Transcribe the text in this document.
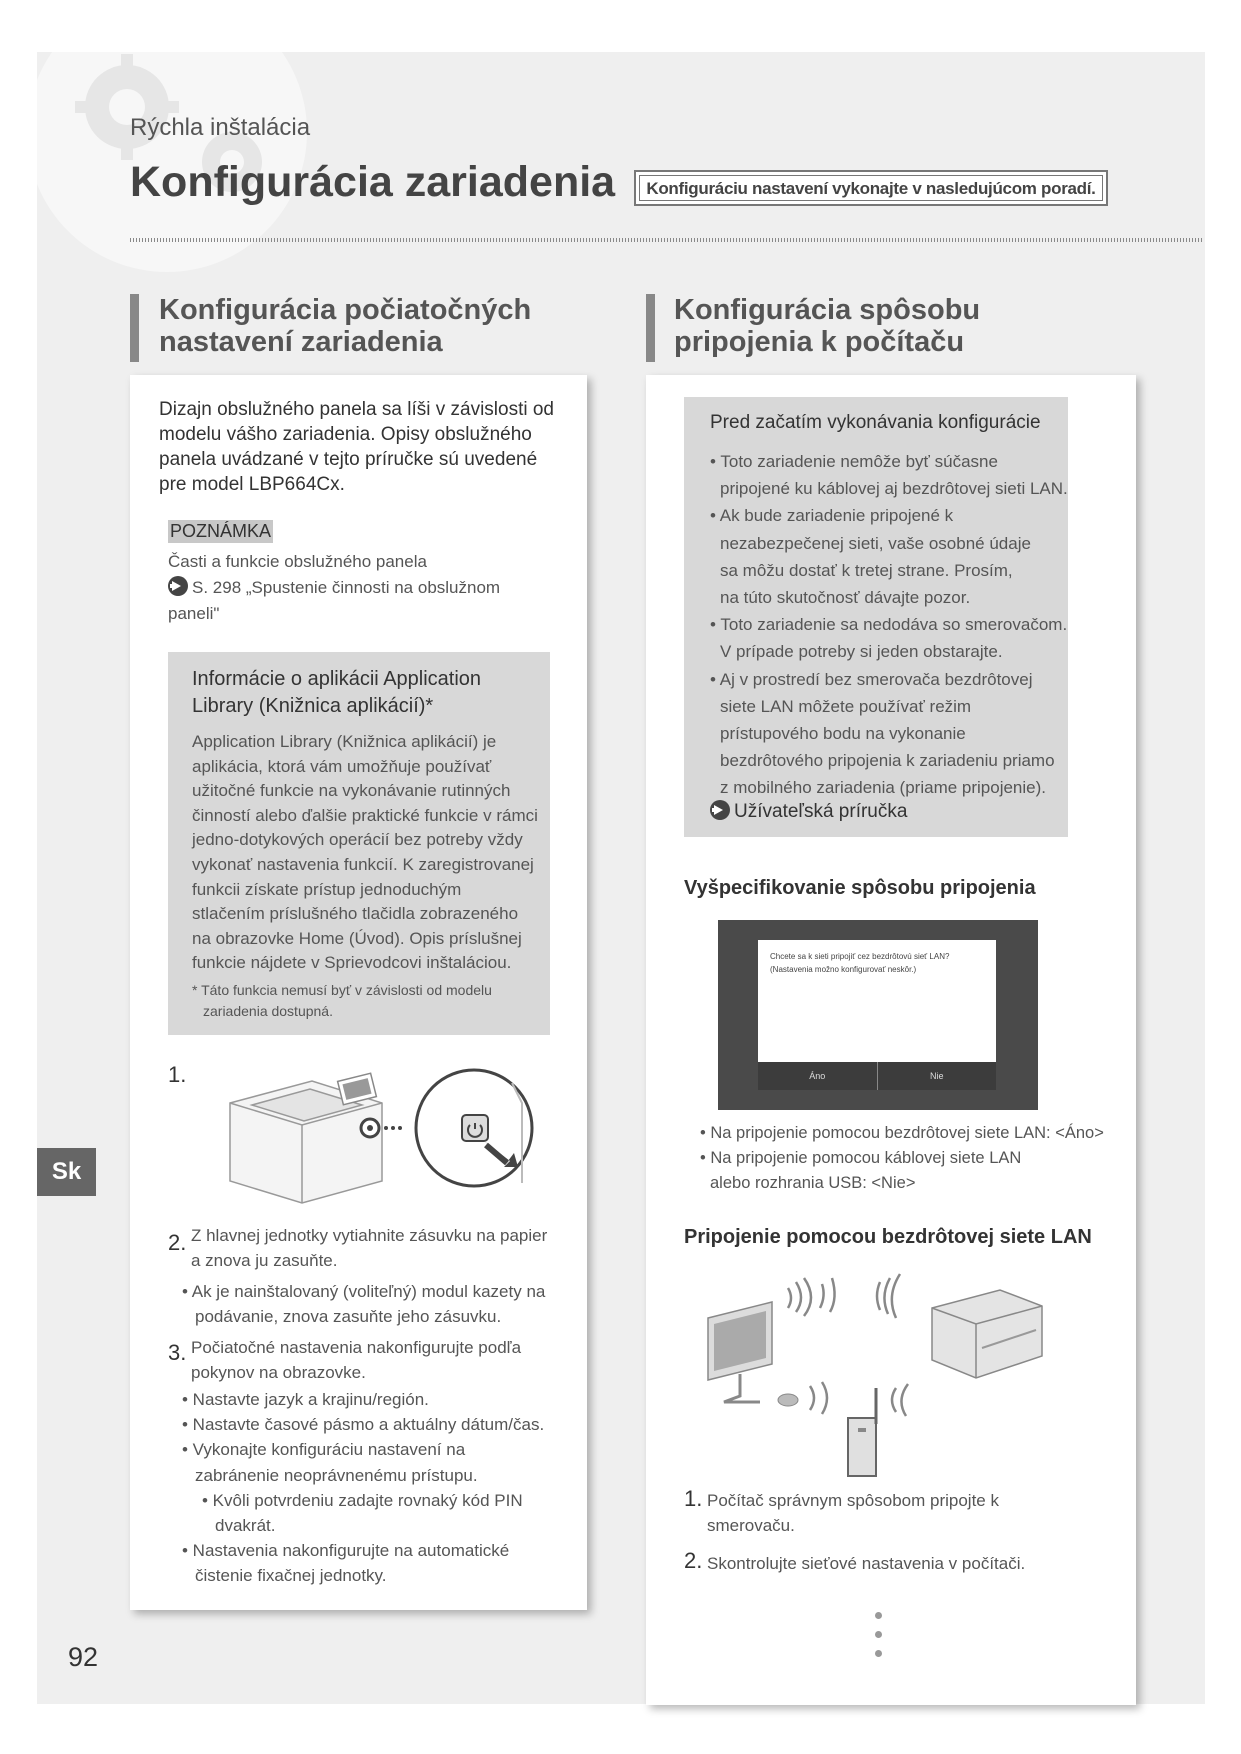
Rýchla inštalácia
Konfigurácia zariadenia	Konfiguráciu nastavení vykonajte v nasledujúcom poradí.
Konfigurácia počiatočných
nastavení zariadenia
Dizajn obslužného panela sa líši v závislosti od
modelu vášho zariadenia. Opisy obslužného
panela uvádzané v tejto príručke sú uvedené
pre model LBP664Cx.
POZNÁMKA
Časti a funkcie obslužného panela
S. 298 „Spustenie činnosti na obslužnom
paneli"
Informácie o aplikácii Application
Library (Knižnica aplikácií)*
Application Library (Knižnica aplikácií) je
aplikácia, ktorá vám umožňuje používať
užitočné funkcie na vykonávanie rutinných
činností alebo ďalšie praktické funkcie v rámci
jedno-dotykových operácií bez potreby vždy
vykonať nastavenia funkcií. K zaregistrovanej
funkcii získate prístup jednoduchým
stlačením príslušného tlačidla zobrazeného
na obrazovke Home (Úvod). Opis príslušnej
funkcie nájdete v Sprievodcovi inštaláciou.
* Táto funkcia nemusí byť v závislosti od modelu
zariadenia dostupná.
1.
2. Z hlavnej jednotky vytiahnite zásuvku na papier
a znova ju zasuňte.
• Ak je nainštalovaný (voliteľný) modul kazety na
podávanie, znova zasuňte jeho zásuvku.
3. Počiatočné nastavenia nakonfigurujte podľa
pokynov na obrazovke.
• Nastavte jazyk a krajinu/región.
• Nastavte časové pásmo a aktuálny dátum/čas.
• Vykonajte konfiguráciu nastavení na
zabránenie neoprávnenému prístupu.
• Kvôli potvrdeniu zadajte rovnaký kód PIN
dvakrát.
• Nastavenia nakonfigurujte na automatické
čistenie fixačnej jednotky.
Konfigurácia spôsobu
pripojenia k počítaču
Pred začatím vykonávania konfigurácie
• Toto zariadenie nemôže byť súčasne
pripojené ku káblovej aj bezdrôtovej sieti LAN.
• Ak bude zariadenie pripojené k
nezabezpečenej sieti, vaše osobné údaje
sa môžu dostať k tretej strane. Prosím,
na túto skutočnosť dávajte pozor.
• Toto zariadenie sa nedodáva so smerovačom.
V prípade potreby si jeden obstarajte.
• Aj v prostredí bez smerovača bezdrôtovej
siete LAN môžete používať režim
prístupového bodu na vykonanie
bezdrôtového pripojenia k zariadeniu priamo
z mobilného zariadenia (priame pripojenie).
Užívateľská príručka
Vyšpecifikovanie spôsobu pripojenia
Chcete sa k sieti pripojiť cez bezdrôtovú sieť LAN?
(Nastavenia možno konfigurovať neskôr.)
Áno	Nie
• Na pripojenie pomocou bezdrôtovej siete LAN: <Áno>
• Na pripojenie pomocou káblovej siete LAN
alebo rozhrania USB: <Nie>
Pripojenie pomocou bezdrôtovej siete LAN
1. Počítač správnym spôsobom pripojte k
smerovaču.
2. Skontrolujte sieťové nastavenia v počítači.
Sk
92
